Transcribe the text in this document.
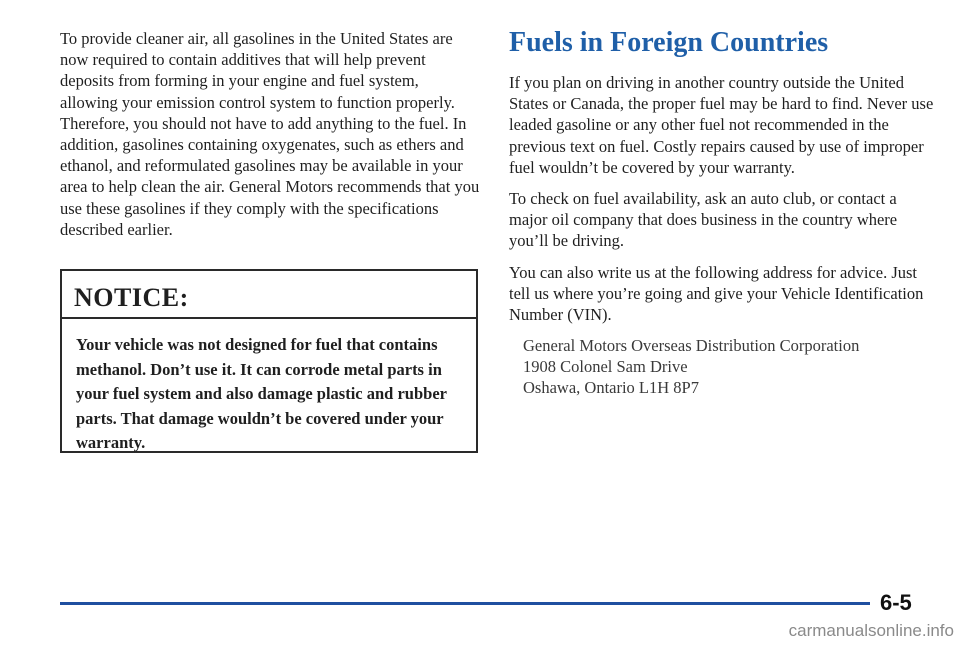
To provide cleaner air, all gasolines in the United States are now required to contain additives that will help prevent deposits from forming in your engine and fuel system, allowing your emission control system to function properly. Therefore, you should not have to add anything to the fuel. In addition, gasolines containing oxygenates, such as ethers and ethanol, and reformulated gasolines may be available in your area to help clean the air. General Motors recommends that you use these gasolines if they comply with the specifications described earlier.

NOTICE:
Your vehicle was not designed for fuel that contains methanol. Don’t use it. It can corrode metal parts in your fuel system and also damage plastic and rubber parts. That damage wouldn’t be covered under your warranty.
Fuels in Foreign Countries

If you plan on driving in another country outside the United States or Canada, the proper fuel may be hard to find. Never use leaded gasoline or any other fuel not recommended in the previous text on fuel. Costly repairs caused by use of improper fuel wouldn’t be covered by your warranty.

To check on fuel availability, ask an auto club, or contact a major oil company that does business in the country where you’ll be driving.

You can also write us at the following address for advice. Just tell us where you’re going and give your Vehicle Identification Number (VIN).

General Motors Overseas Distribution Corporation
1908 Colonel Sam Drive
Oshawa, Ontario L1H 8P7
6-5
carmanualsonline.info
